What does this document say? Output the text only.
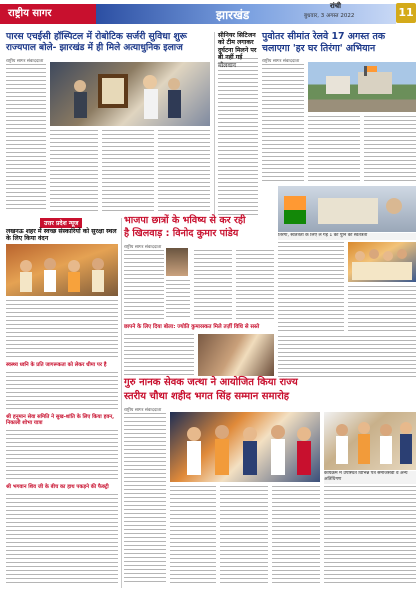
राष्ट्रीय सागर	झारखंड
रांची
बुधवार, 3 अगस्त 2022	11
पारस एचईसी हॉस्पिटल में रोबोटिक सर्जरी सुविधा शुरू
राज्यपाल बोले- झारखंड में ही मिले अत्याधुनिक इलाज
राष्ट्रीय सागर संवाददाता
सीनियर सिटिजन को टीम लगाकर दुर्घटना मिलने पर बी नहीं गई मौलवान
पुवोतर सीमांत रेलवे 17 अगस्त तक
चलाएगा 'हर घर तिरंगा' अभियान
राष्ट्रीय सागर संवाददाता
उत्तर प्रदेश न्यूज
लखनऊ शहर में स्वच्छ संस्कारियों को सुरक्षा स्थल के लिए किया वंदन
स्वस्थ्य ध्वनि के प्रति जागरूकता को लेकर धीमा पर है
श्री हनुमान सेवा समिति ने सुख-शांति के लिए किया हवन, निकाली शोभा यात्रा
श्री भगवान शिव जी के बीच का हाथ पकड़ने की फैक्ट्री
भाजपा छात्रों के भविष्य से कर रही
है खिलवाड़ : विनोद कुमार पांडेय
राष्ट्रीय सागर संवाददाता
छापने के लिए दिया बोला: ज्योति कुमारस्कत मिले तर्ज़ी विधि से सस्ते
तिरंगा, स्वतंत्रता के लिए ले गई 1 का पुनि की स्वतंत्रता
गुरु नानक सेवक जत्था ने आयोजित किया राज्य
स्तरीय चौथा शहीद भगत सिंह सम्मान समारोह
राष्ट्रीय सागर संवाददाता
कार्यक्रम में उपस्थित विभिन्न पत्र समाजसेवी व अन्य अतिथिगण
